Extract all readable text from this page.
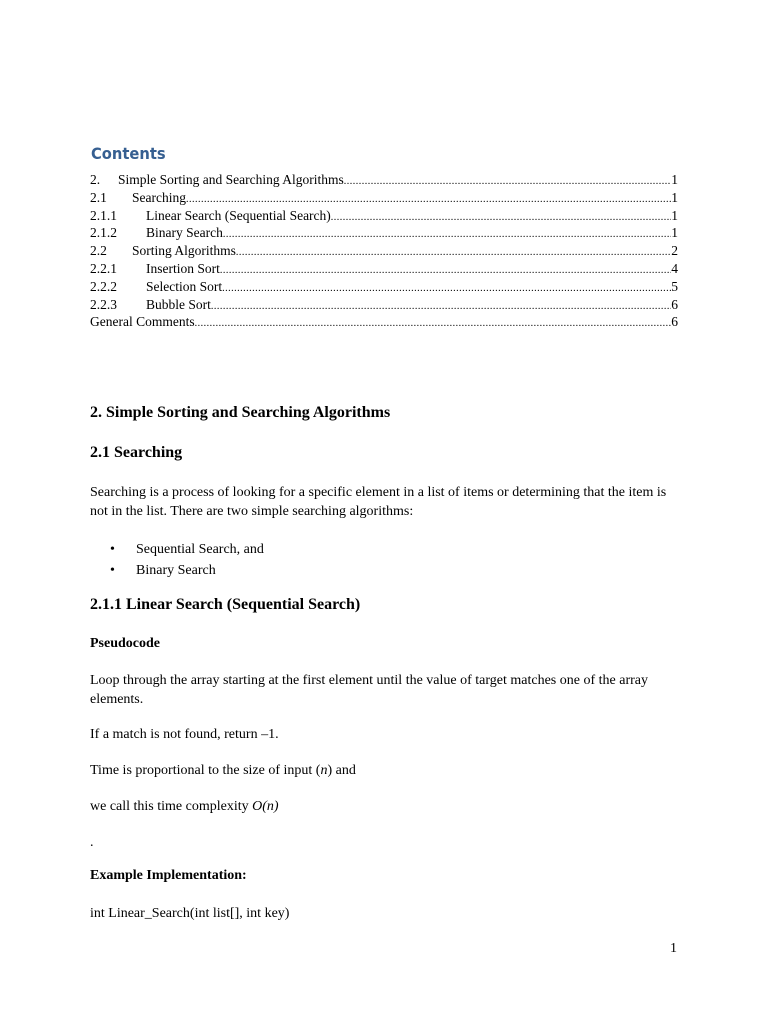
Contents
2.	Simple Sorting and Searching Algorithms .....	1
2.1	Searching .....	1
2.1.1	Linear Search (Sequential Search) .....	1
2.1.2	Binary Search .....	1
2.2	Sorting Algorithms .....	2
2.2.1	Insertion Sort .....	4
2.2.2	Selection Sort .....	5
2.2.3	Bubble Sort .....	6
General Comments .....	6
2. Simple Sorting and Searching Algorithms
2.1 Searching

Searching is a process of looking for a specific element in a list of items or determining that the item is not in the list. There are two simple searching algorithms:

•	Sequential Search, and
•	Binary Search
2.1.1 Linear Search (Sequential Search)
Pseudocode

Loop through the array starting at the first element until the value of target matches one of the array elements.

If a match is not found, return –1.

Time is proportional to the size of input (n) and

we call this time complexity O(n)

.

Example Implementation:

int Linear_Search(int list[], int key)

1
